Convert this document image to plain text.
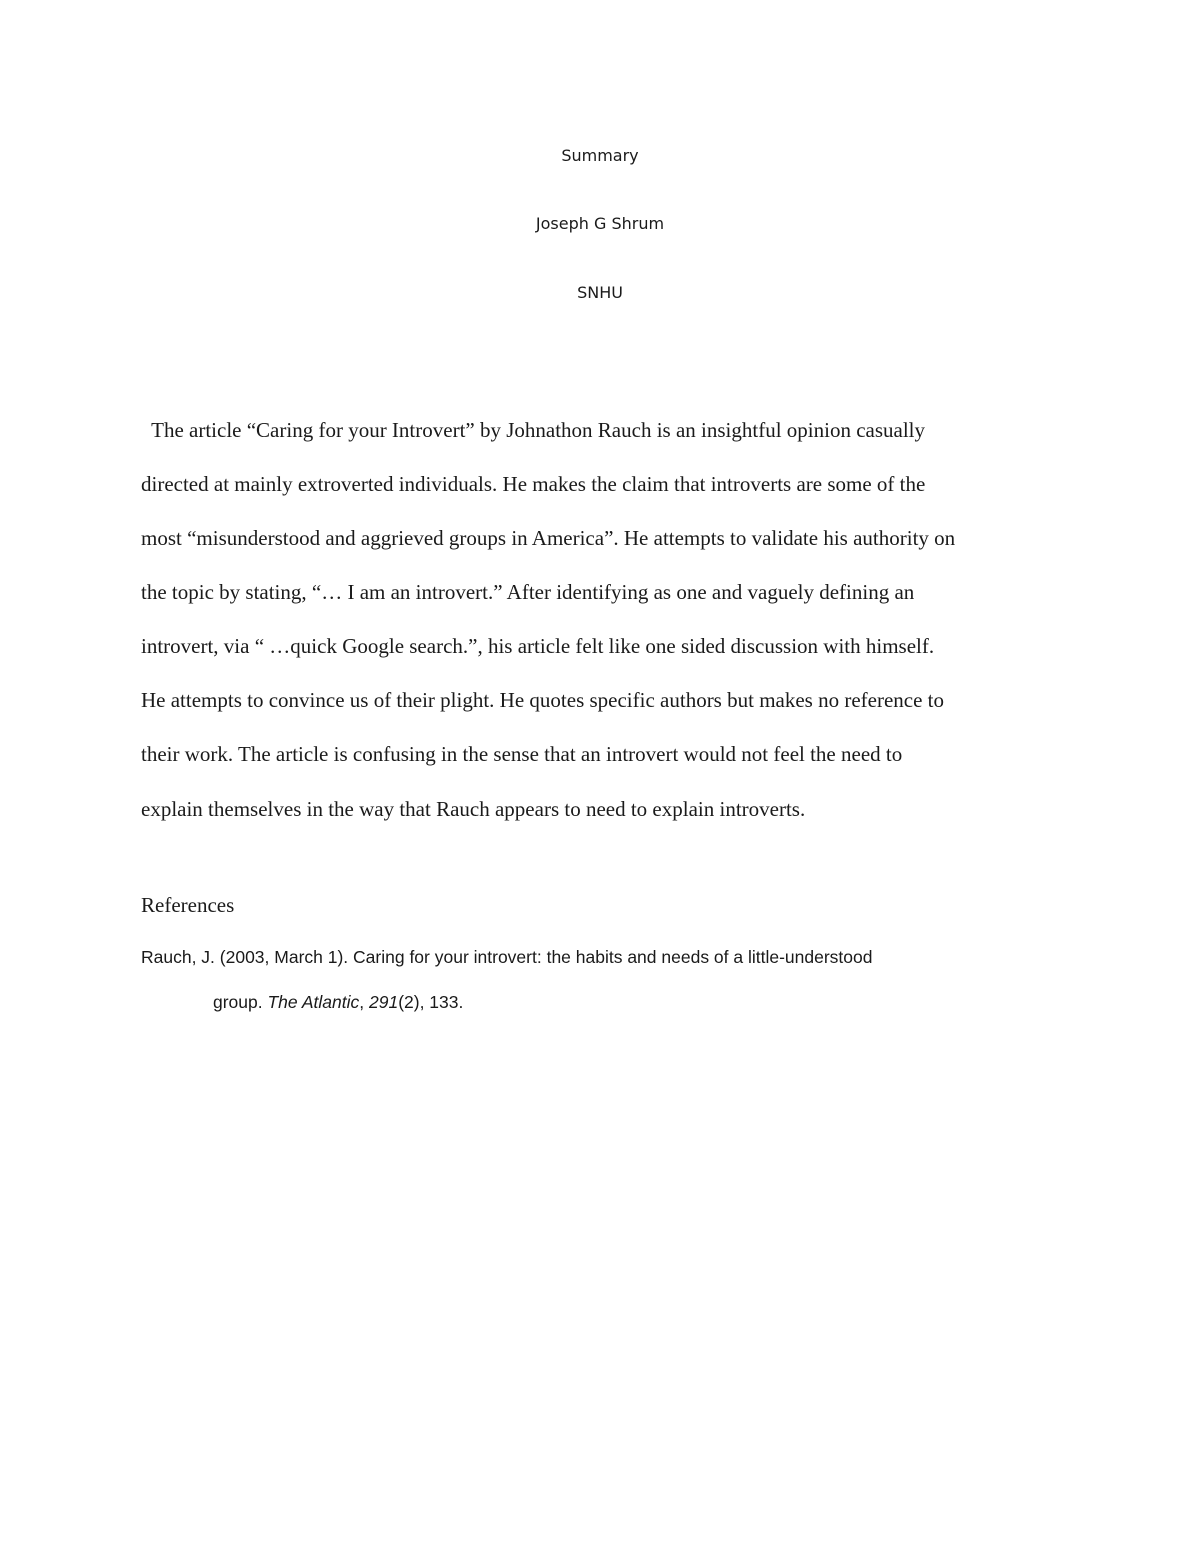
Summary
Joseph G Shrum
SNHU
The article “Caring for your Introvert” by Johnathon Rauch is an insightful opinion casually
directed at mainly extroverted individuals. He makes the claim that introverts are some of the
most “misunderstood and aggrieved groups in America”. He attempts to validate his authority on
the topic by stating, “… I am an introvert.” After identifying as one and vaguely defining an
introvert, via “ …quick Google search.”, his article felt like one sided discussion with himself.
He attempts to convince us of their plight. He quotes specific authors but makes no reference to
their work. The article is confusing in the sense that an introvert would not feel the need to
explain themselves in the way that Rauch appears to need to explain introverts.
References
Rauch, J. (2003, March 1). Caring for your introvert: the habits and needs of a little-understood
group. The Atlantic, 291(2), 133.
